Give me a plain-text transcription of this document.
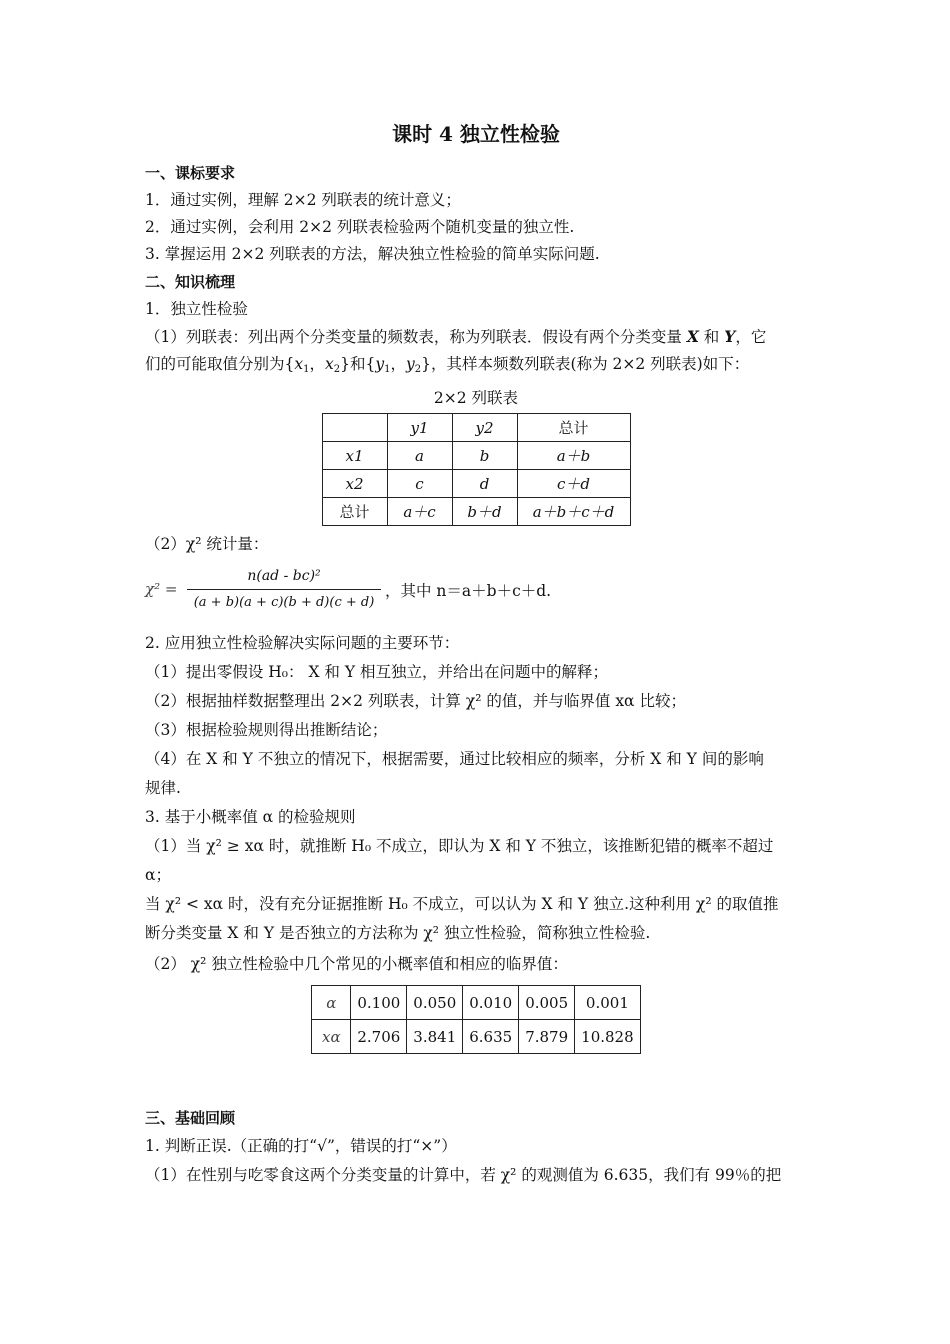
课时 4 独立性检验
一、课标要求
1．通过实例，理解 2×2 列联表的统计意义；
2．通过实例，会利用 2×2 列联表检验两个随机变量的独立性.
3. 掌握运用 2×2 列联表的方法，解决独立性检验的简单实际问题.
二、知识梳理
1．独立性检验
（1）列联表：列出两个分类变量的频数表，称为列联表．假设有两个分类变量 X 和 Y，它
们的可能取值分别为{$x_1$，$x_2$}和{$y_1$，$y_2$}，其样本频数列联表(称为 2×2 列联表)如下：
2×2 列联表
	y1	y2	总计
x1	a	b	a＋b
x2	c	d	c＋d
总计	a＋c	b＋d	a＋b＋c＋d
（2）χ² 统计量：
χ² =
n(ad - bc)²
(a + b)(a + c)(b + d)(c + d)
，其中 n＝a＋b＋c＋d.
2. 应用独立性检验解决实际问题的主要环节：
（1）提出零假设 H₀： X 和 Y 相互独立，并给出在问题中的解释；
（2）根据抽样数据整理出 2×2 列联表，计算 χ² 的值，并与临界值 xα 比较；
（3）根据检验规则得出推断结论；
（4）在 X 和 Y 不独立的情况下，根据需要，通过比较相应的频率，分析 X 和 Y 间的影响
规律.
3. 基于小概率值 α 的检验规则
（1）当 χ² ≥ xα 时，就推断 H₀ 不成立，即认为 X 和 Y 不独立，该推断犯错的概率不超过
α；
当 χ² < xα 时，没有充分证据推断 H₀ 不成立，可以认为 X 和 Y 独立.这种利用 χ² 的取值推
断分类变量 X 和 Y 是否独立的方法称为 χ² 独立性检验，简称独立性检验.
（2） χ² 独立性检验中几个常见的小概率值和相应的临界值：
α	0.100	0.050	0.010	0.005	0.001
xα	2.706	3.841	6.635	7.879	10.828
三、基础回顾
1. 判断正误.（正确的打“√”，错误的打“×”）
（1）在性别与吃零食这两个分类变量的计算中，若 χ² 的观测值为 6.635，我们有 99％的把
